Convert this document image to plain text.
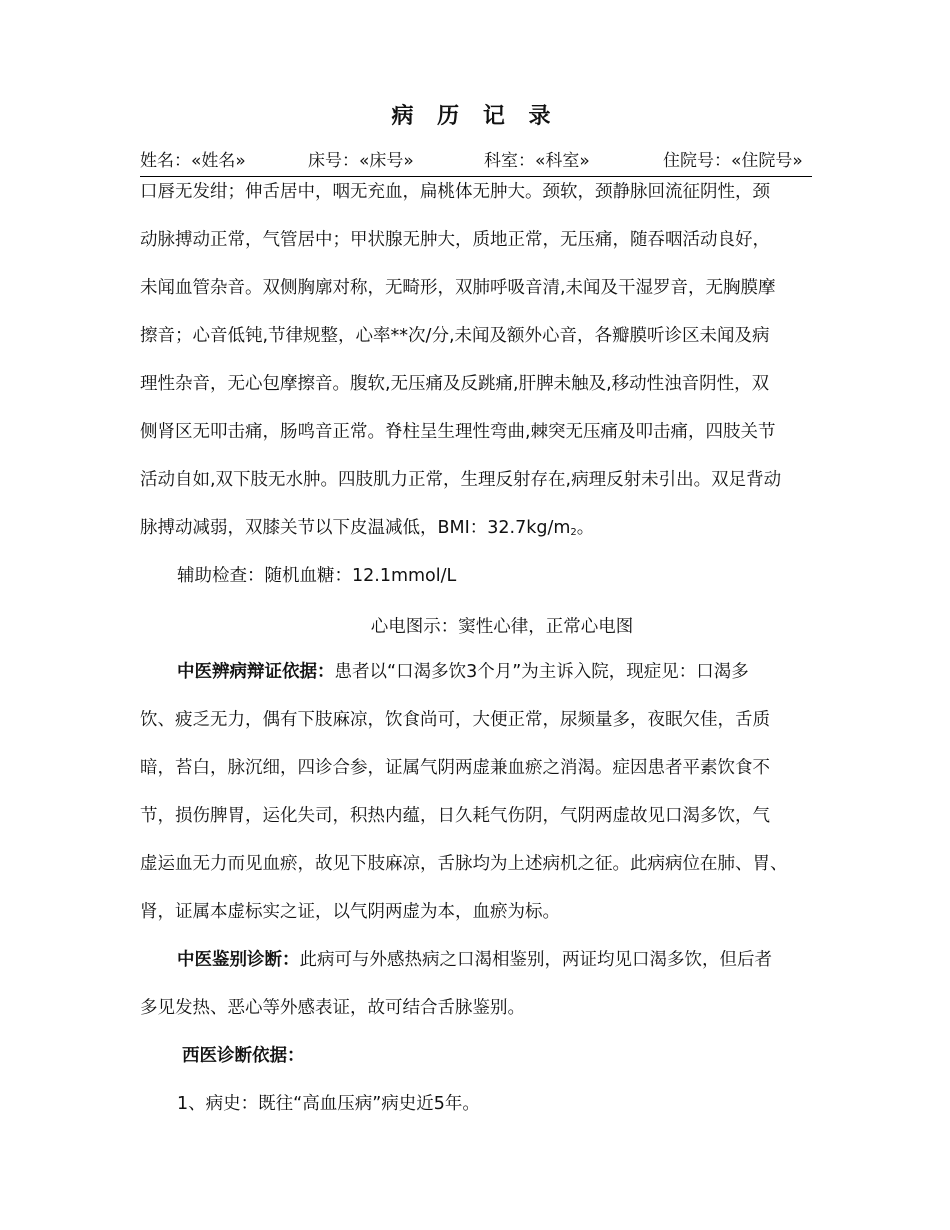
病 历 记 录
姓名：«姓名»	床号：«床号»	科室：«科室»	住院号：«住院号»
口唇无发绀；伸舌居中，咽无充血，扁桃体无肿大。颈软，颈静脉回流征阴性，颈
动脉搏动正常，气管居中；甲状腺无肿大，质地正常，无压痛，随吞咽活动良好，
未闻血管杂音。双侧胸廓对称，无畸形，双肺呼吸音清,未闻及干湿罗音，无胸膜摩
擦音；心音低钝,节律规整，心率**次/分,未闻及额外心音，各瓣膜听诊区未闻及病
理性杂音，无心包摩擦音。腹软,无压痛及反跳痛,肝脾未触及,移动性浊音阴性，双
侧肾区无叩击痛，肠鸣音正常。脊柱呈生理性弯曲,棘突无压痛及叩击痛，四肢关节
活动自如,双下肢无水肿。四肢肌力正常，生理反射存在,病理反射未引出。双足背动
脉搏动减弱，双膝关节以下皮温减低，BMI：$32.7kg/m_2$。
辅助检查：随机血糖：12.1mmol/L
心电图示：窦性心律，正常心电图
中医辨病辩证依据：患者以“口渴多饮3个月”为主诉入院，现症见：口渴多
饮、疲乏无力，偶有下肢麻凉，饮食尚可，大便正常，尿频量多，夜眠欠佳，舌质
暗，苔白，脉沉细，四诊合参，证属气阴两虚兼血瘀之消渴。症因患者平素饮食不
节，损伤脾胃，运化失司，积热内蕴，日久耗气伤阴，气阴两虚故见口渴多饮，气
虚运血无力而见血瘀，故见下肢麻凉，舌脉均为上述病机之征。此病病位在肺、胃、
肾，证属本虚标实之证，以气阴两虚为本，血瘀为标。
中医鉴别诊断：此病可与外感热病之口渴相鉴别，两证均见口渴多饮，但后者
多见发热、恶心等外感表证，故可结合舌脉鉴别。
西医诊断依据：
1、病史：既往“高血压病”病史近5年。
